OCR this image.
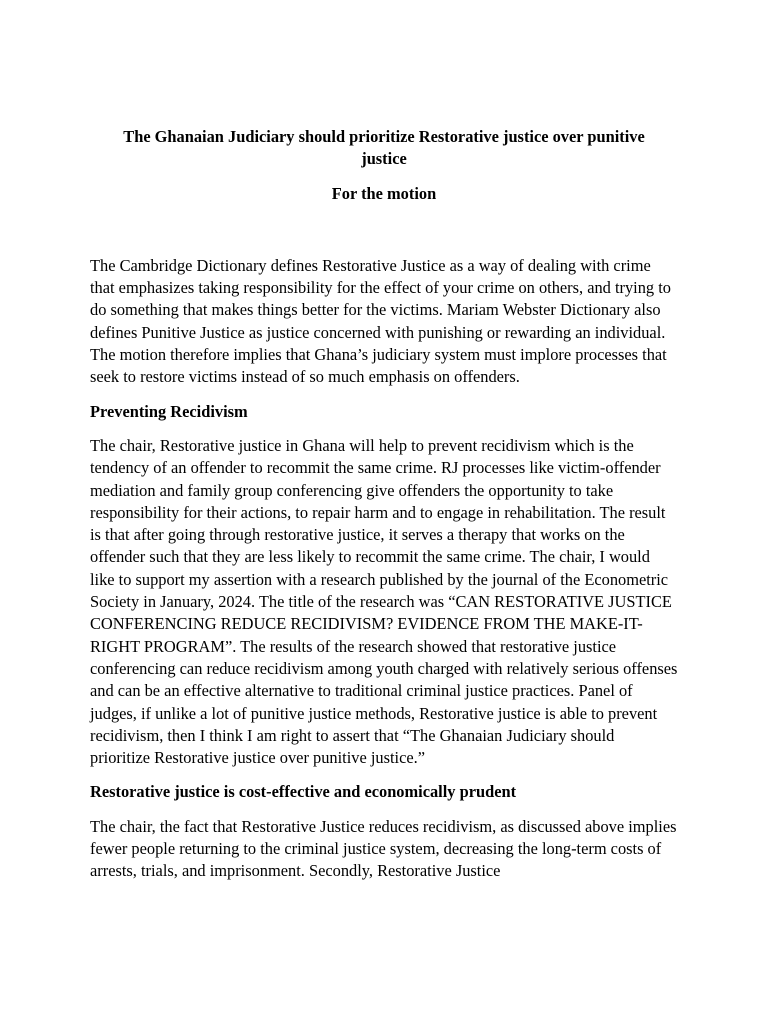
The Ghanaian Judiciary should prioritize Restorative justice over punitive justice

For the motion

The Cambridge Dictionary defines Restorative Justice as a way of dealing with crime that emphasizes taking responsibility for the effect of your crime on others, and trying to do something that makes things better for the victims. Mariam Webster Dictionary also defines Punitive Justice as justice concerned with punishing or rewarding an individual. The motion therefore implies that Ghana’s judiciary system must implore processes that seek to restore victims instead of so much emphasis on offenders.

Preventing Recidivism

The chair, Restorative justice in Ghana will help to prevent recidivism which is the tendency of an offender to recommit the same crime. RJ processes like victim-offender mediation and family group conferencing give offenders the opportunity to take responsibility for their actions, to repair harm and to engage in rehabilitation. The result is that after going through restorative justice, it serves a therapy that works on the offender such that they are less likely to recommit the same crime. The chair, I would like to support my assertion with a research published by the journal of the Econometric Society in January, 2024. The title of the research was “CAN RESTORATIVE JUSTICE CONFERENCING REDUCE RECIDIVISM? EVIDENCE FROM THE MAKE-IT-RIGHT PROGRAM”. The results of the research showed that restorative justice conferencing can reduce recidivism among youth charged with relatively serious offenses and can be an effective alternative to traditional criminal justice practices. Panel of judges, if unlike a lot of punitive justice methods, Restorative justice is able to prevent recidivism, then I think I am right to assert that “The Ghanaian Judiciary should prioritize Restorative justice over punitive justice.”

Restorative justice is cost-effective and economically prudent

The chair, the fact that Restorative Justice reduces recidivism, as discussed above implies fewer people returning to the criminal justice system, decreasing the long-term costs of arrests, trials, and imprisonment. Secondly, Restorative Justice
